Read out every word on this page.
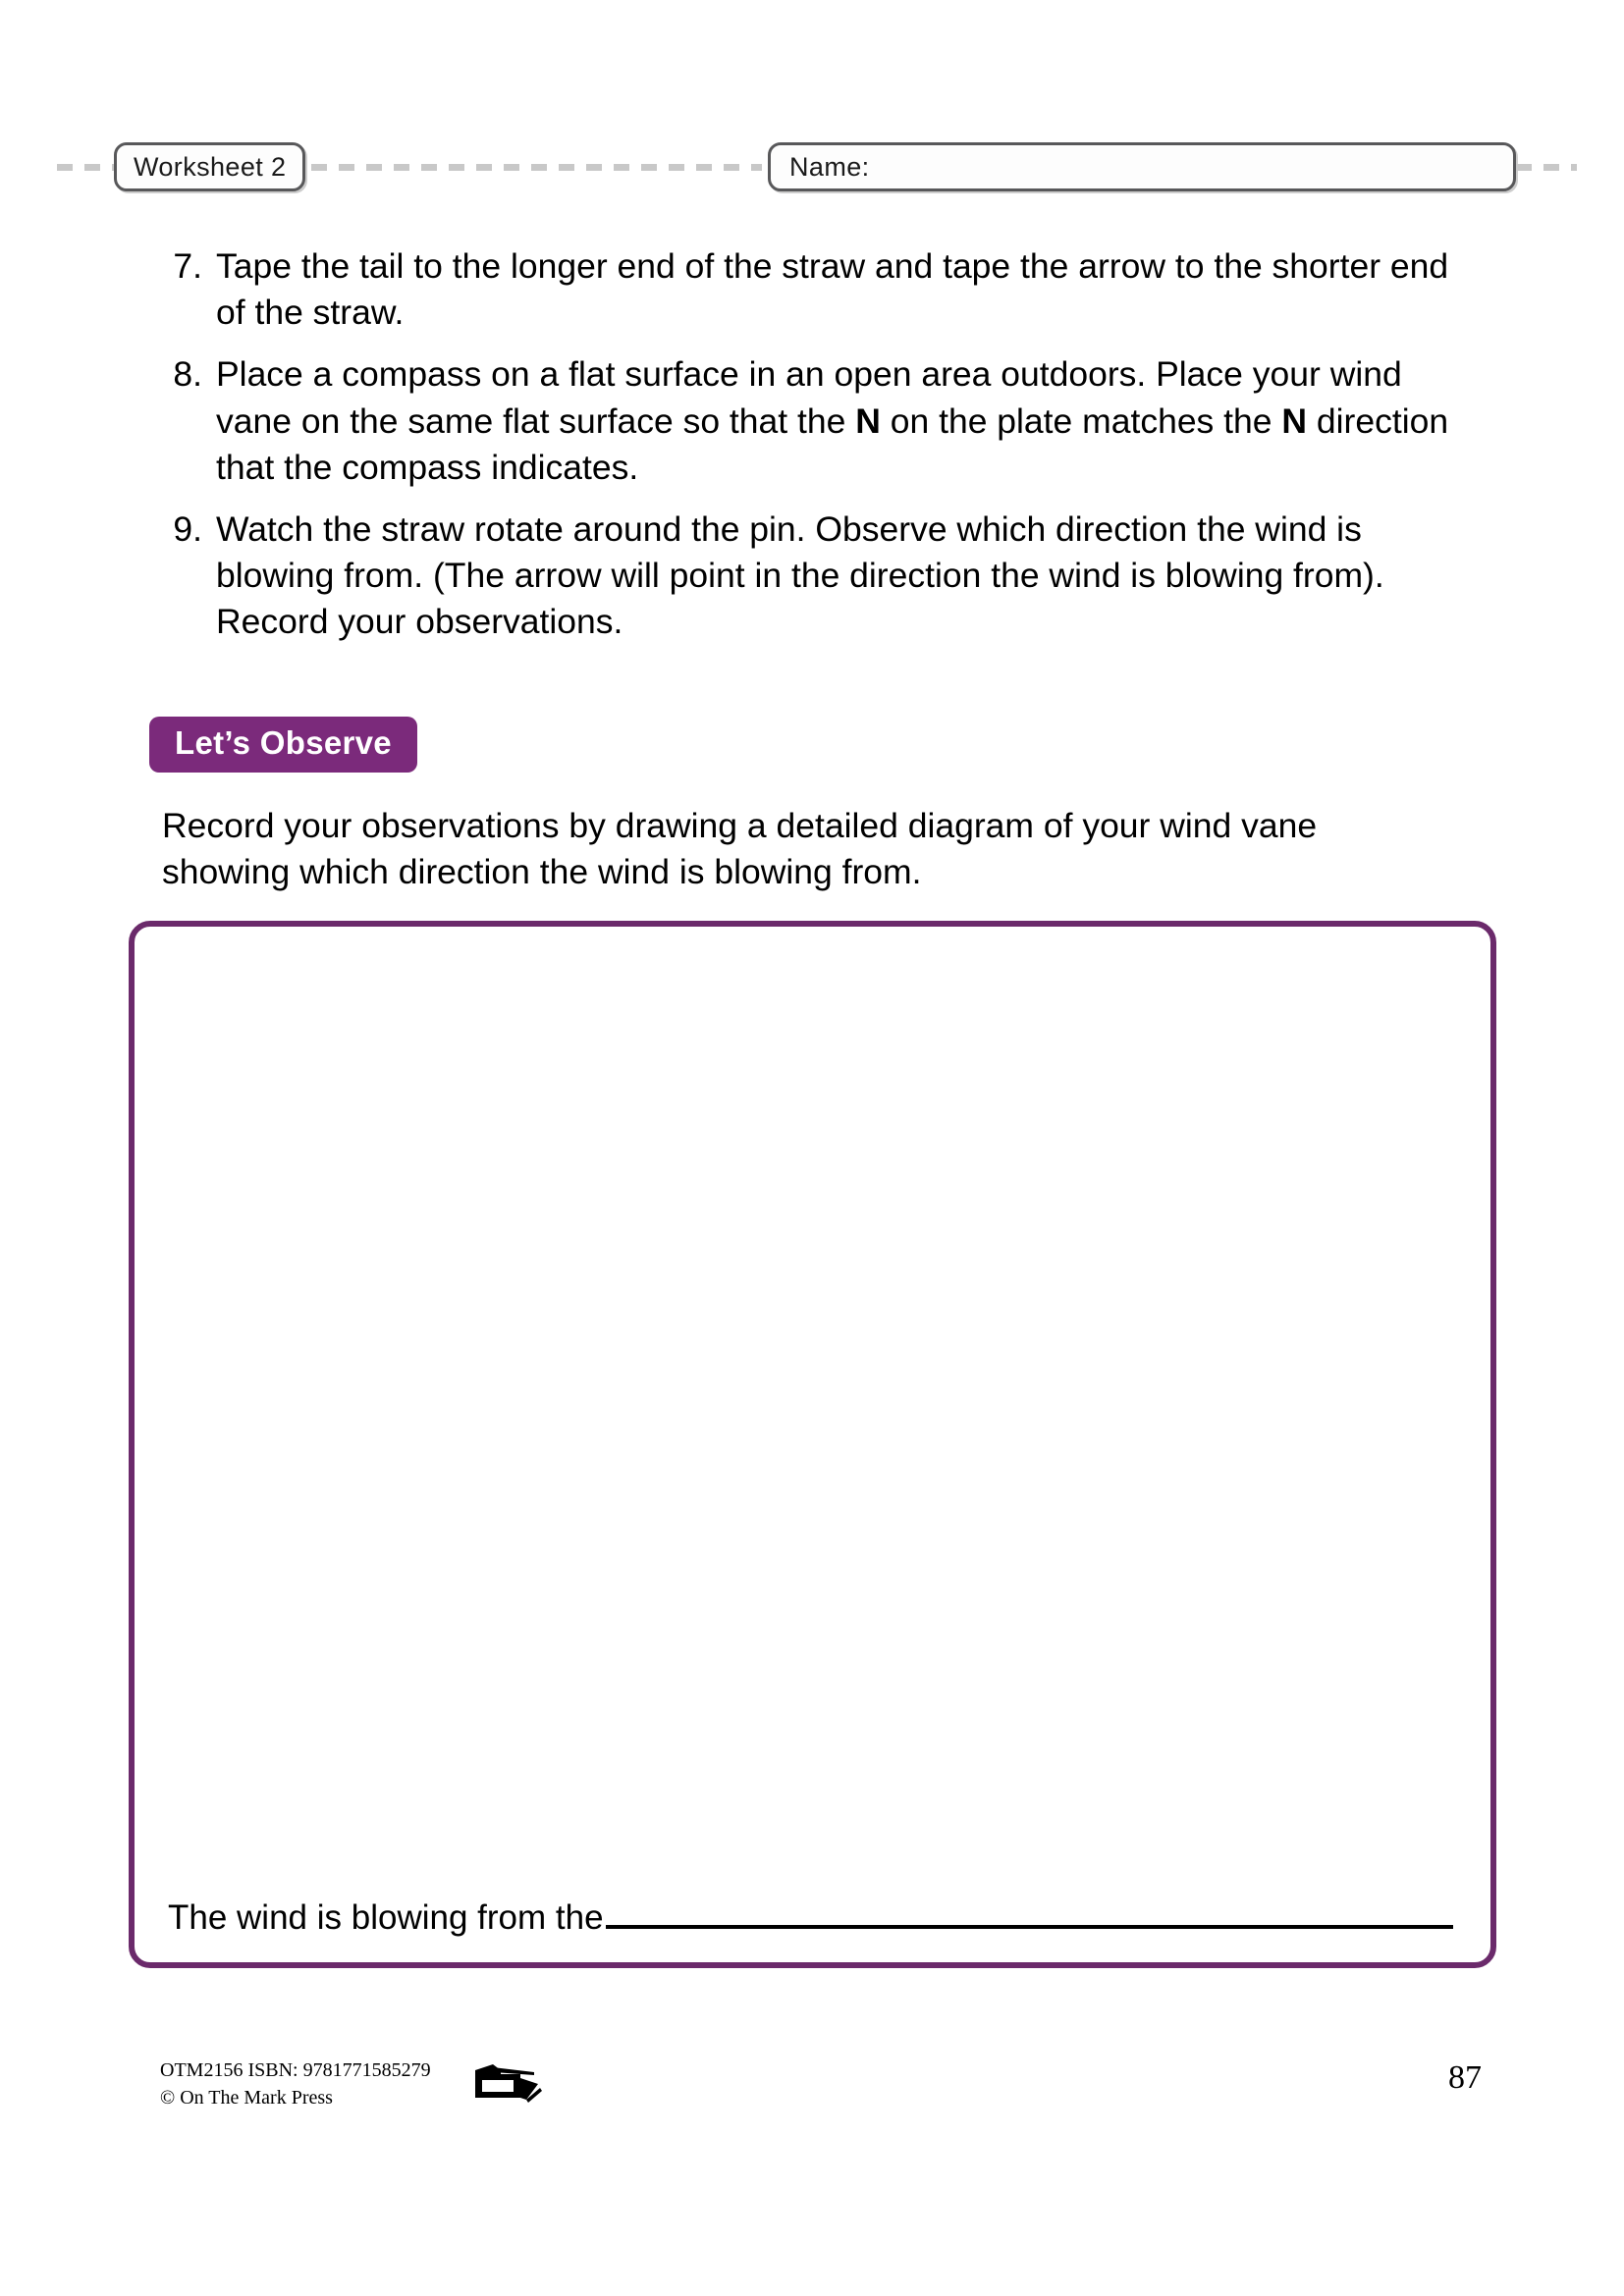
Worksheet 2	Name:
7. Tape the tail to the longer end of the straw and tape the arrow to the shorter end of the straw.
8. Place a compass on a flat surface in an open area outdoors. Place your wind vane on the same flat surface so that the N on the plate matches the N direction that the compass indicates.
9. Watch the straw rotate around the pin. Observe which direction the wind is blowing from. (The arrow will point in the direction the wind is blowing from). Record your observations.
Let’s Observe
Record your observations by drawing a detailed diagram of your wind vane showing which direction the wind is blowing from.
The wind is blowing from the
OTM2156 ISBN: 9781771585279
© On The Mark Press
87
